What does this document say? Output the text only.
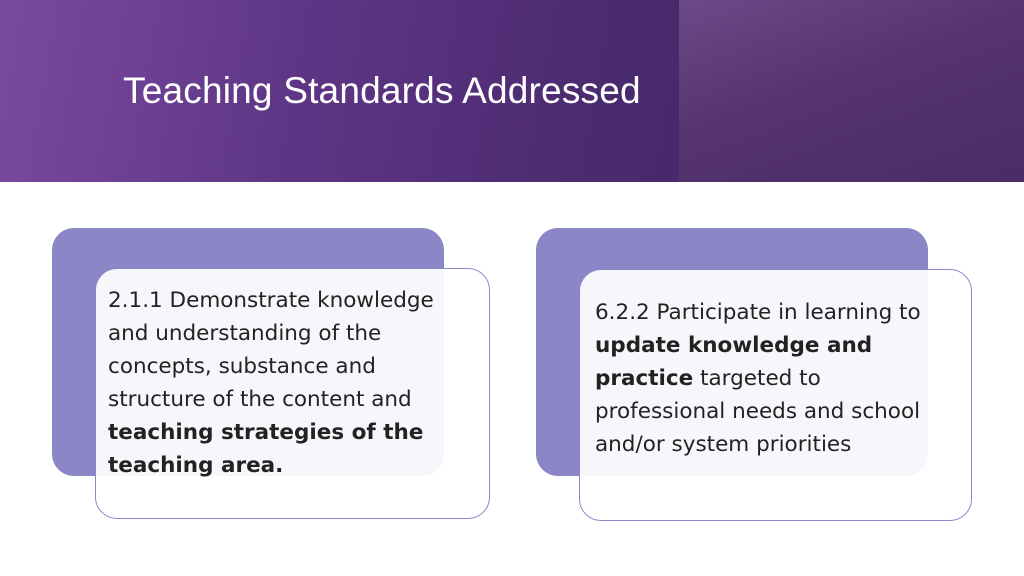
Teaching Standards Addressed
2.1.1 Demonstrate knowledge and understanding of the concepts, substance and structure of the content and teaching strategies of the teaching area.
6.2.2 Participate in learning to update knowledge and practice targeted to professional needs and school and/or system priorities
